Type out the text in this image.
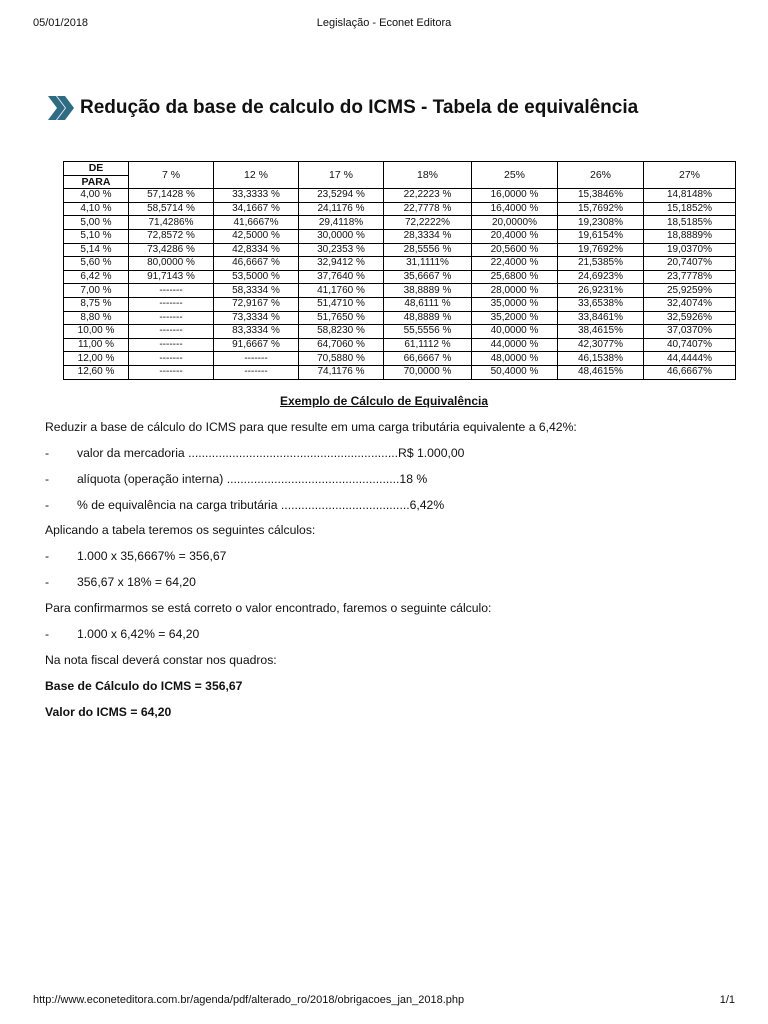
05/01/2018	Legislação - Econet Editora
Redução da base de calculo do ICMS - Tabela de equivalência
DE	7 %	12 %	17 %	18%	25%	26%	27%
PARA							
4,00 %	57,1428 %	33,3333 %	23,5294 %	22,2223 %	16,0000 %	15,3846%	14,8148%
4,10 %	58,5714 %	34,1667 %	24,1176 %	22,7778 %	16,4000 %	15,7692%	15,1852%
5,00 %	71,4286%	41,6667%	29,4118%	72,2222%	20,0000%	19,2308%	18,5185%
5,10 %	72,8572 %	42,5000 %	30,0000 %	28,3334 %	20,4000 %	19,6154%	18,8889%
5,14 %	73,4286 %	42,8334 %	30,2353 %	28,5556 %	20,5600 %	19,7692%	19,0370%
5,60 %	80,0000 %	46,6667 %	32,9412 %	31,1111%	22,4000 %	21,5385%	20,7407%
6,42 %	91,7143 %	53,5000 %	37,7640 %	35,6667 %	25,6800 %	24,6923%	23,7778%
7,00 %	-------	58,3334 %	41,1760 %	38,8889 %	28,0000 %	26,9231%	25,9259%
8,75 %	-------	72,9167 %	51,4710 %	48,6111 %	35,0000 %	33,6538%	32,4074%
8,80 %	-------	73,3334 %	51,7650 %	48,8889 %	35,2000 %	33,8461%	32,5926%
10,00 %	-------	83,3334 %	58,8230 %	55,5556 %	40,0000 %	38,4615%	37,0370%
11,00 %	-------	91,6667 %	64,7060 %	61,1112 %	44,0000 %	42,3077%	40,7407%
12,00 %	-------	-------	70,5880 %	66,6667 %	48,0000 %	46,1538%	44,4444%
12,60 %	-------	-------	74,1176 %	70,0000 %	50,4000 %	48,4615%	46,6667%
Exemplo de Cálculo de Equivalência
Reduzir a base de cálculo do ICMS para que resulte em uma carga tributária equivalente a 6,42%:
- valor da mercadoria ..............................................................R$ 1.000,00
- alíquota (operação interna) ...................................................18 %
- % de equivalência na carga tributária ......................................6,42%
Aplicando a tabela teremos os seguintes cálculos:
- 1.000 x 35,6667% = 356,67
- 356,67 x 18% = 64,20
Para confirmarmos se está correto o valor encontrado, faremos o seguinte cálculo:
- 1.000 x 6,42% = 64,20
Na nota fiscal deverá constar nos quadros:
Base de Cálculo do ICMS = 356,67
Valor do ICMS = 64,20
http://www.econeteditora.com.br/agenda/pdf/alterado_ro/2018/obrigacoes_jan_2018.php	1/1
